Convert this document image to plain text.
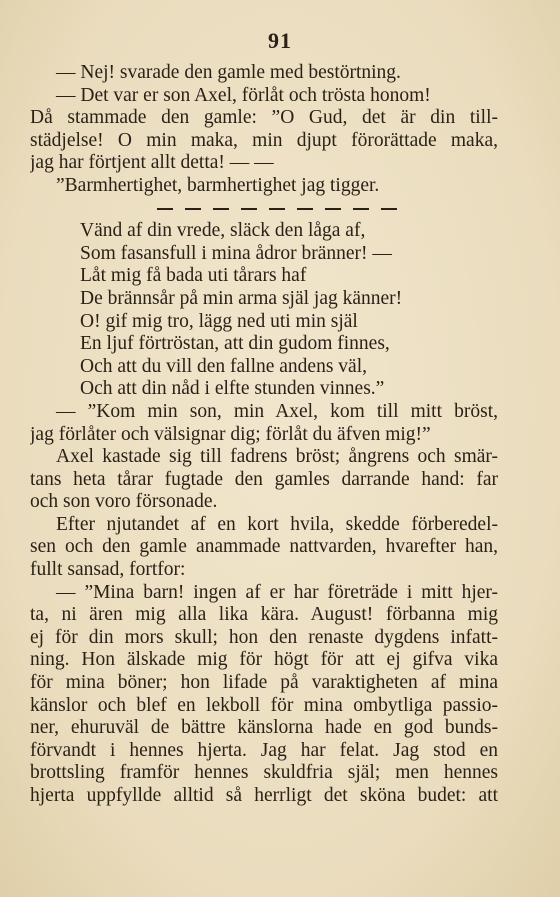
91
— Nej! svarade den gamle med bestörtning.
— Det var er son Axel, förlåt och trösta honom!
Då stammade den gamle: ”O Gud, det är din till-
städjelse! O min maka, min djupt förorättade maka,
jag har förtjent allt detta! — —
”Barmhertighet, barmhertighet jag tigger.
Vänd af din vrede, släck den låga af,
Som fasansfull i mina ådror bränner! —
Låt mig få bada uti tårars haf
De brännsår på min arma själ jag känner!
O! gif mig tro, lägg ned uti min själ
En ljuf förtröstan, att din gudom finnes,
Och att du vill den fallne andens väl,
Och att din nåd i elfte stunden vinnes.”
— ”Kom min son, min Axel, kom till mitt bröst,
jag förlåter och välsignar dig; förlåt du äfven mig!”
Axel kastade sig till fadrens bröst; ångrens och smär-
tans heta tårar fugtade den gamles darrande hand: far
och son voro försonade.
Efter njutandet af en kort hvila, skedde förberedel-
sen och den gamle anammade nattvarden, hvarefter han,
fullt sansad, fortfor:
— ”Mina barn! ingen af er har företräde i mitt hjer-
ta, ni ären mig alla lika kära. August! förbanna mig
ej för din mors skull; hon den renaste dygdens infatt-
ning. Hon älskade mig för högt för att ej gifva vika
för mina böner; hon lifade på varaktigheten af mina
känslor och blef en lekboll för mina ombytliga passio-
ner, ehuruväl de bättre känslorna hade en god bunds-
förvandt i hennes hjerta. Jag har felat. Jag stod en
brottsling framför hennes skuldfria själ; men hennes
hjerta uppfyllde alltid så herrligt det sköna budet: att
